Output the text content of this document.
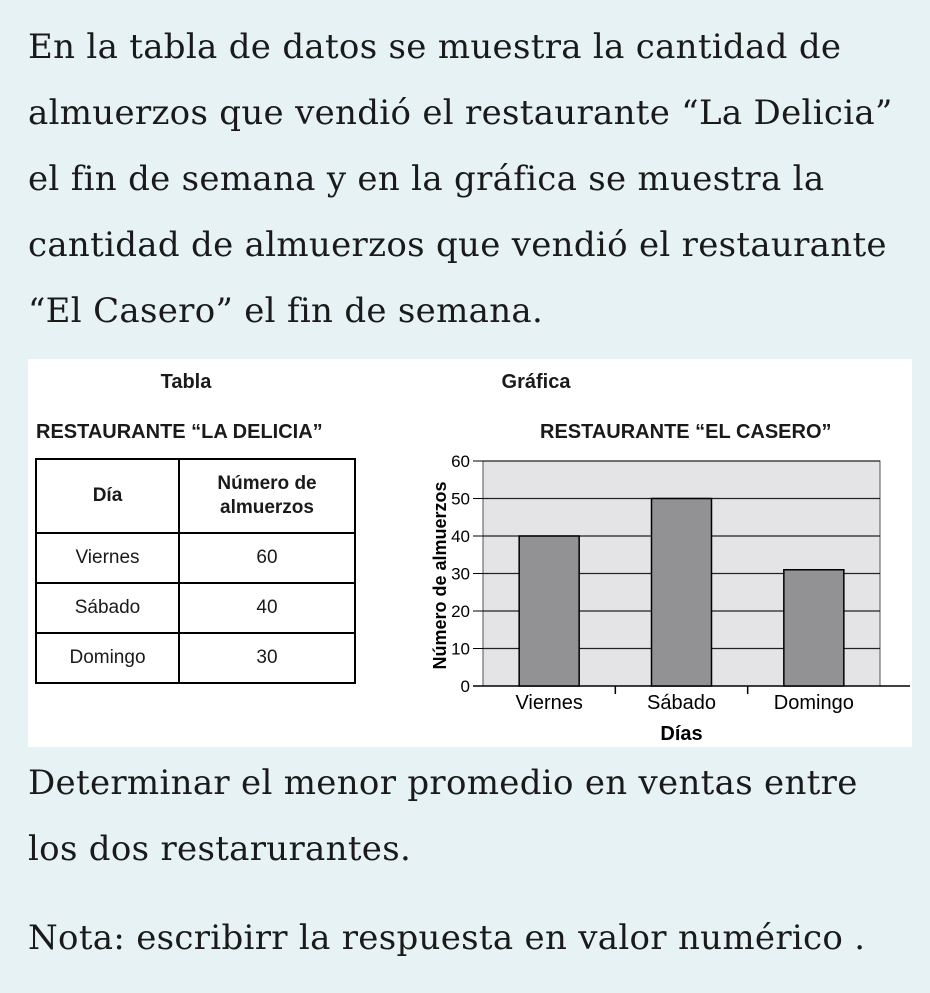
En la tabla de datos se muestra la cantidad de almuerzos que vendió el restaurante “La Delicia” el fin de semana y en la gráfica se muestra la cantidad de almuerzos que vendió el restaurante “El Casero” el fin de semana.
Tabla
RESTAURANTE “LA DELICIA”
Día	Número de almuerzos
Viernes	60
Sábado	40
Domingo	30
Gráfica
RESTAURANTE “EL CASERO”
0
10
20
30
40
50
60
Viernes	Sábado	Domingo
Días
Número de almuerzos
Determinar el menor promedio en ventas entre los dos restarurantes.
Nota: escribirr la respuesta en valor numérico .
